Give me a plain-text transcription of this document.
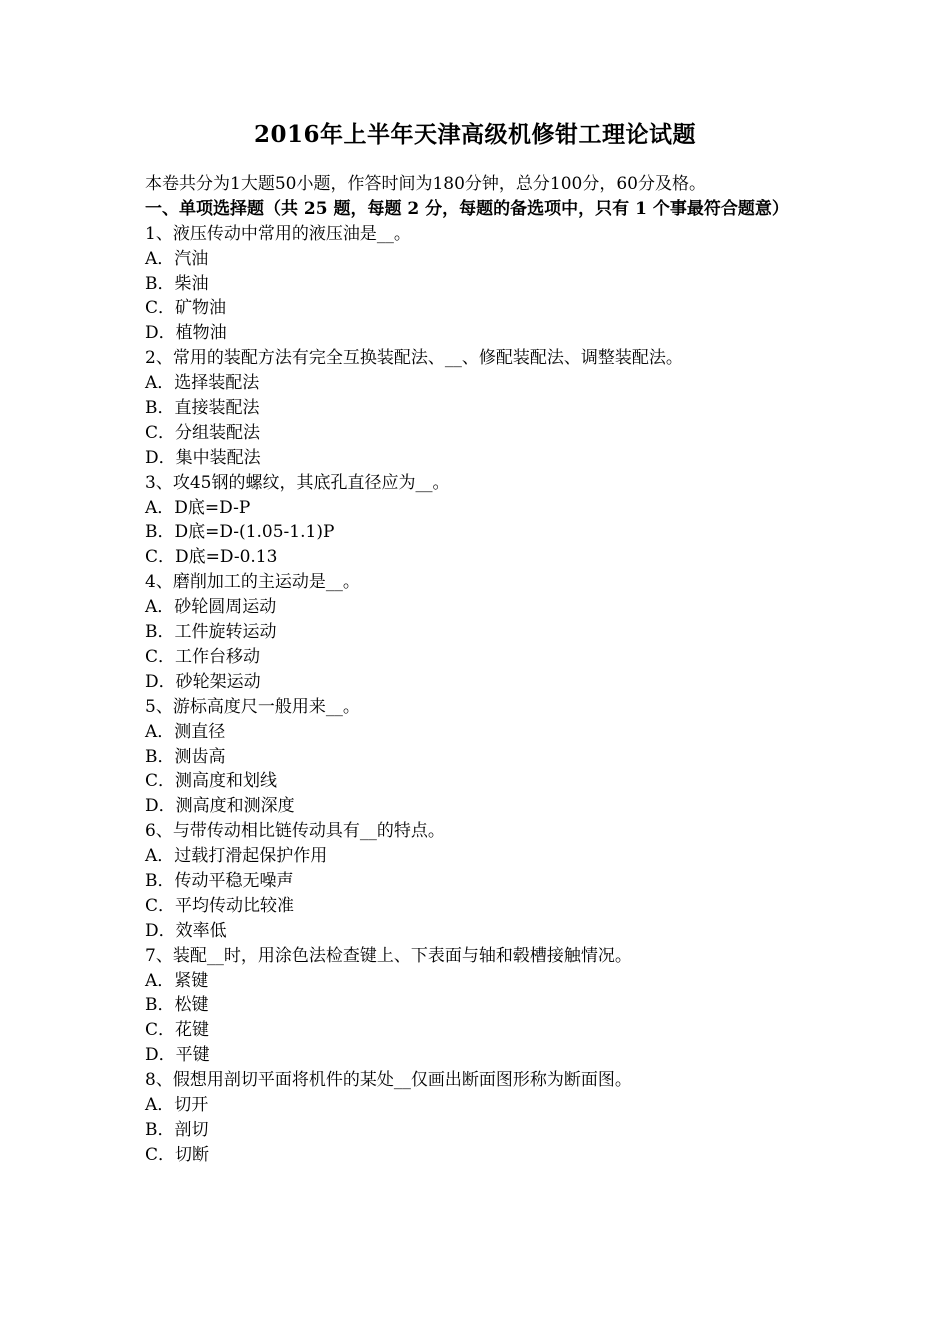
2016年上半年天津高级机修钳工理论试题
本卷共分为1大题50小题，作答时间为180分钟，总分100分，60分及格。
一、单项选择题（共 25 题，每题 2 分，每题的备选项中，只有 1 个事最符合题意）
1、液压传动中常用的液压油是__。
A．汽油
B．柴油
C．矿物油
D．植物油
2、常用的装配方法有完全互换装配法、__、修配装配法、调整装配法。
A．选择装配法
B．直接装配法
C．分组装配法
D．集中装配法
3、攻45钢的螺纹，其底孔直径应为__。
A．D底=D-P
B．D底=D-(1.05-1.1)P
C．D底=D-0.13
4、磨削加工的主运动是__。
A．砂轮圆周运动
B．工件旋转运动
C．工作台移动
D．砂轮架运动
5、游标高度尺一般用来__。
A．测直径
B．测齿高
C．测高度和划线
D．测高度和测深度
6、与带传动相比链传动具有__的特点。
A．过载打滑起保护作用
B．传动平稳无噪声
C．平均传动比较准
D．效率低
7、装配__时，用涂色法检查键上、下表面与轴和毂槽接触情况。
A．紧键
B．松键
C．花键
D．平键
8、假想用剖切平面将机件的某处__仅画出断面图形称为断面图。
A．切开
B．剖切
C．切断
